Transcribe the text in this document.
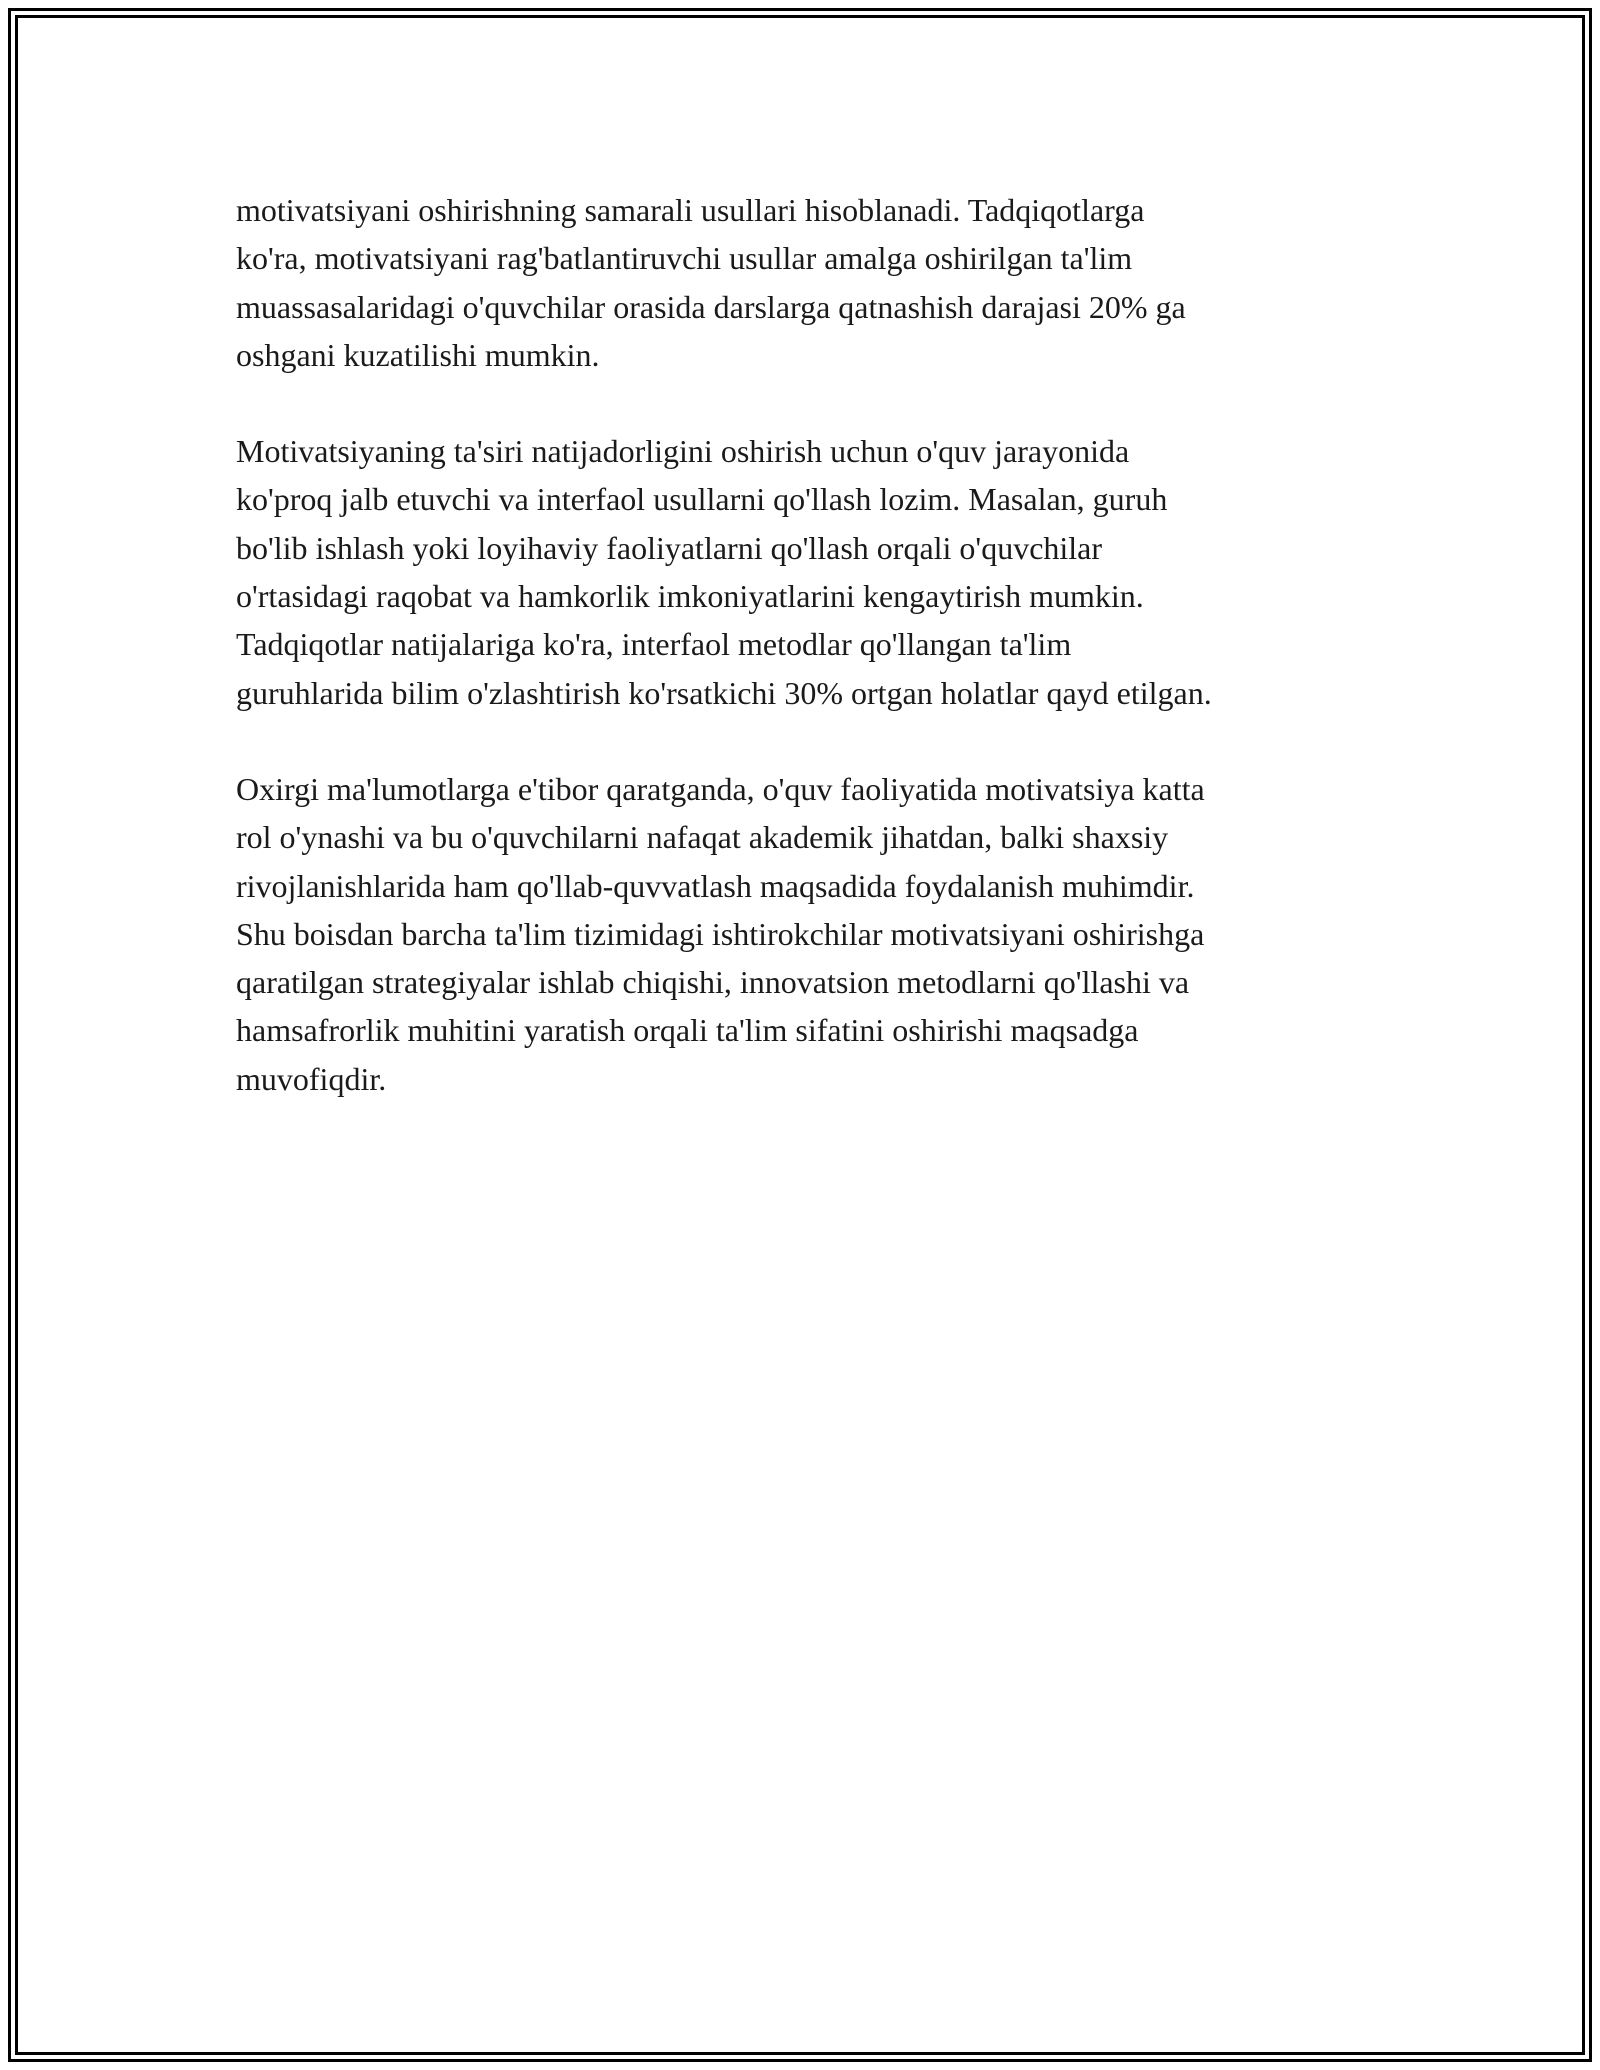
motivatsiyani oshirishning samarali usullari hisoblanadi. Tadqiqotlarga
ko'ra, motivatsiyani rag'batlantiruvchi usullar amalga oshirilgan ta'lim
muassasalaridagi o'quvchilar orasida darslarga qatnashish darajasi 20% ga
oshgani kuzatilishi mumkin.

Motivatsiyaning ta'siri natijadorligini oshirish uchun o'quv jarayonida
ko'proq jalb etuvchi va interfaol usullarni qo'llash lozim. Masalan, guruh
bo'lib ishlash yoki loyihaviy faoliyatlarni qo'llash orqali o'quvchilar
o'rtasidagi raqobat va hamkorlik imkoniyatlarini kengaytirish mumkin.
Tadqiqotlar natijalariga ko'ra, interfaol metodlar qo'llangan ta'lim
guruhlarida bilim o'zlashtirish ko'rsatkichi 30% ortgan holatlar qayd etilgan.

Oxirgi ma'lumotlarga e'tibor qaratganda, o'quv faoliyatida motivatsiya katta
rol o'ynashi va bu o'quvchilarni nafaqat akademik jihatdan, balki shaxsiy
rivojlanishlarida ham qo'llab-quvvatlash maqsadida foydalanish muhimdir.
Shu boisdan barcha ta'lim tizimidagi ishtirokchilar motivatsiyani oshirishga
qaratilgan strategiyalar ishlab chiqishi, innovatsion metodlarni qo'llashi va
hamsafrorlik muhitini yaratish orqali ta'lim sifatini oshirishi maqsadga
muvofiqdir.
